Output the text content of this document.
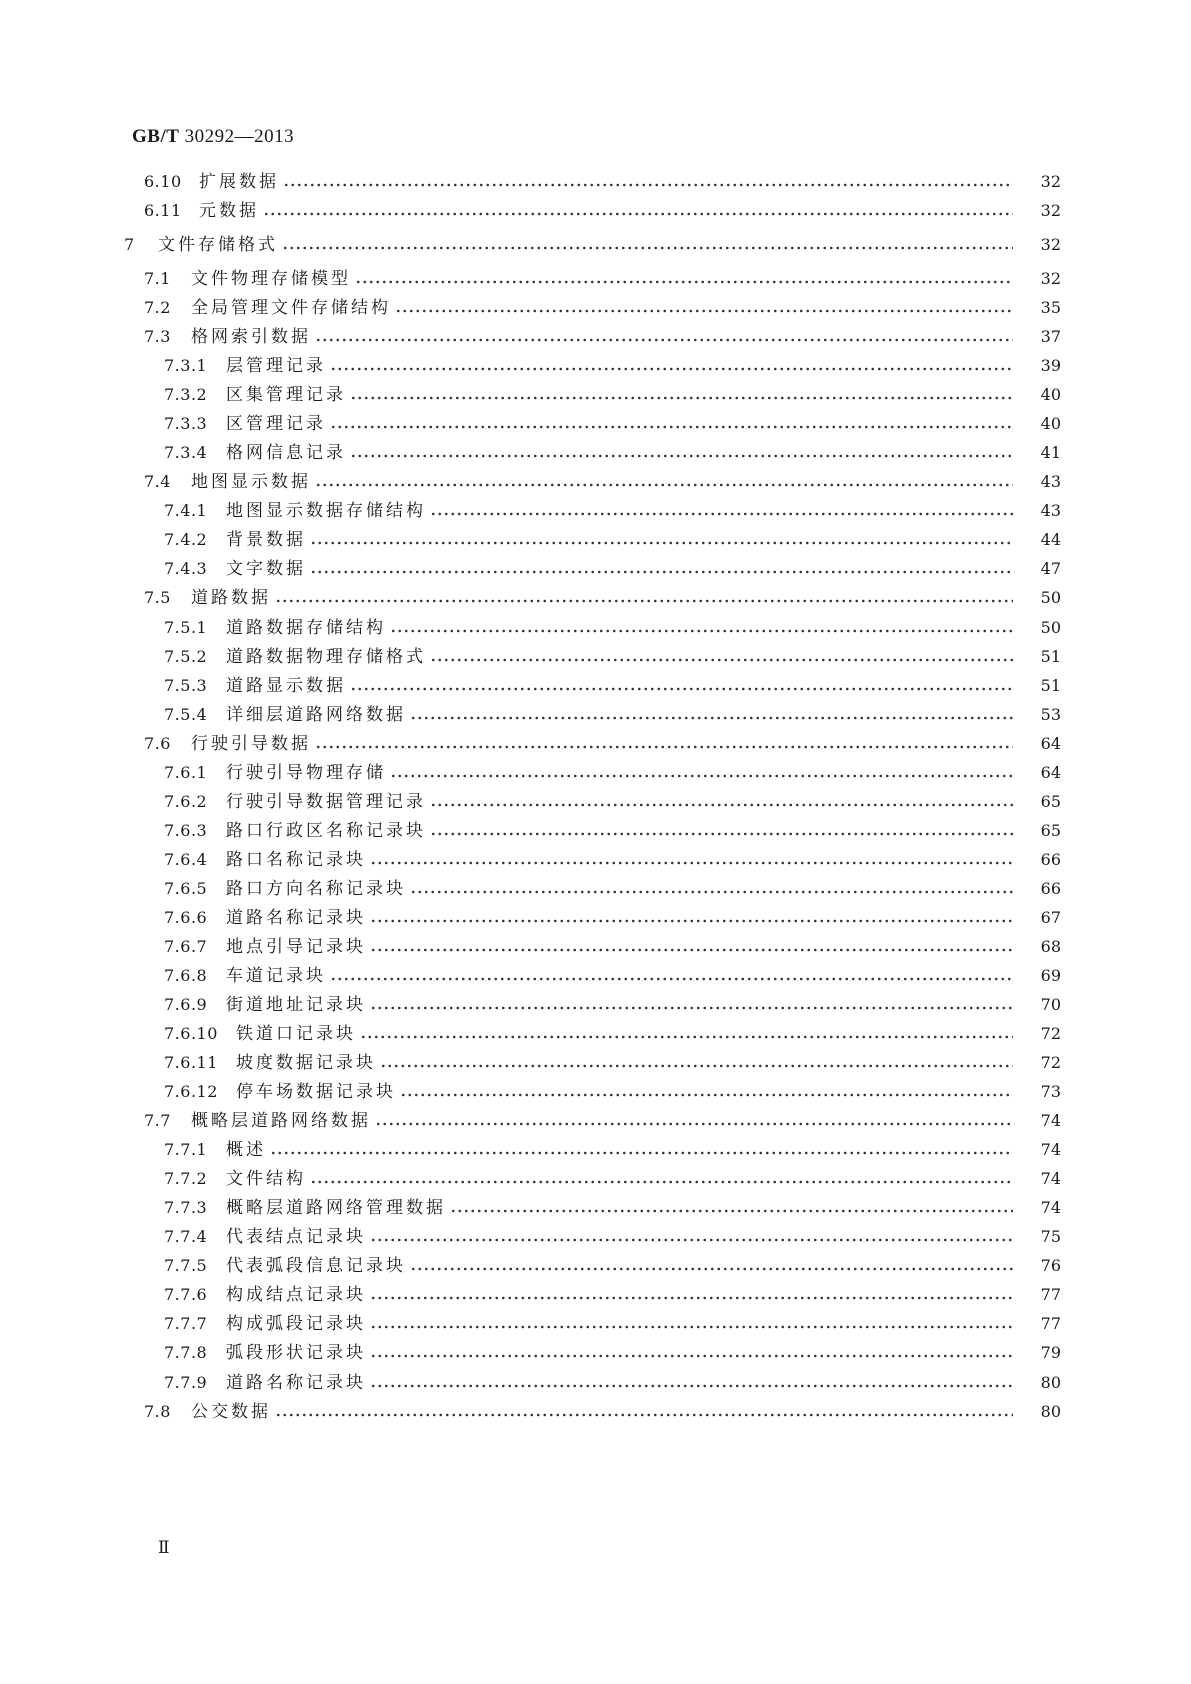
GB/T 30292—2013
6.10	扩展数据	32
6.11	元数据	32
7	文件存储格式	32
7.1	文件物理存储模型	32
7.2	全局管理文件存储结构	35
7.3	格网索引数据	37
7.3.1	层管理记录	39
7.3.2	区集管理记录	40
7.3.3	区管理记录	40
7.3.4	格网信息记录	41
7.4	地图显示数据	43
7.4.1	地图显示数据存储结构	43
7.4.2	背景数据	44
7.4.3	文字数据	47
7.5	道路数据	50
7.5.1	道路数据存储结构	50
7.5.2	道路数据物理存储格式	51
7.5.3	道路显示数据	51
7.5.4	详细层道路网络数据	53
7.6	行驶引导数据	64
7.6.1	行驶引导物理存储	64
7.6.2	行驶引导数据管理记录	65
7.6.3	路口行政区名称记录块	65
7.6.4	路口名称记录块	66
7.6.5	路口方向名称记录块	66
7.6.6	道路名称记录块	67
7.6.7	地点引导记录块	68
7.6.8	车道记录块	69
7.6.9	街道地址记录块	70
7.6.10	铁道口记录块	72
7.6.11	坡度数据记录块	72
7.6.12	停车场数据记录块	73
7.7	概略层道路网络数据	74
7.7.1	概述	74
7.7.2	文件结构	74
7.7.3	概略层道路网络管理数据	74
7.7.4	代表结点记录块	75
7.7.5	代表弧段信息记录块	76
7.7.6	构成结点记录块	77
7.7.7	构成弧段记录块	77
7.7.8	弧段形状记录块	79
7.7.9	道路名称记录块	80
7.8	公交数据	80
Ⅱ
